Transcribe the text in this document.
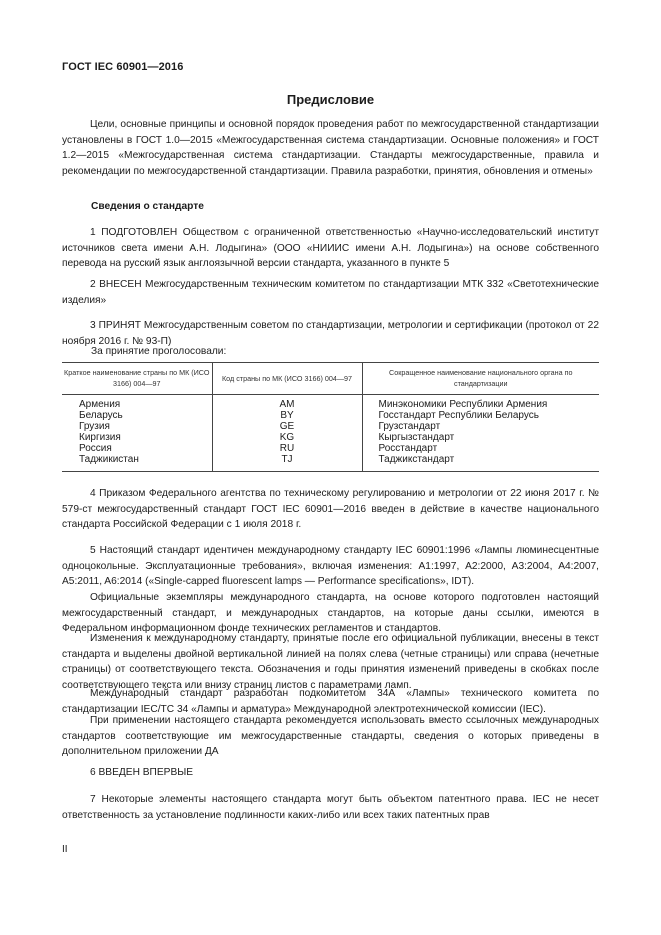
ГОСТ IEC 60901—2016
Предисловие

Цели, основные принципы и основной порядок проведения работ по межгосударственной стандартизации установлены в ГОСТ 1.0—2015 «Межгосударственная система стандартизации. Основные положения» и ГОСТ 1.2—2015 «Межгосударственная система стандартизации. Стандарты межгосударственные, правила и рекомендации по межгосударственной стандартизации. Правила разработки, принятия, обновления и отмены»

Сведения о стандарте

1 ПОДГОТОВЛЕН Обществом с ограниченной ответственностью «Научно-исследовательский институт источников света имени А.Н. Лодыгина» (ООО «НИИИС имени А.Н. Лодыгина») на основе собственного перевода на русский язык англоязычной версии стандарта, указанного в пункте 5

2 ВНЕСЕН Межгосударственным техническим комитетом по стандартизации МТК 332 «Светотехнические изделия»

3 ПРИНЯТ Межгосударственным советом по стандартизации, метрологии и сертификации (протокол от 22 ноября 2016 г. № 93-П)

За принятие проголосовали:
Краткое наименование страны по МК (ИСО 3166) 004—97	Код страны по МК (ИСО 3166) 004—97	Сокращенное наименование национального органа по стандартизации
Армения	AM	Минэкономики Республики Армения
Беларусь	BY	Госстандарт Республики Беларусь
Грузия	GE	Грузстандарт
Киргизия	KG	Кыргызстандарт
Россия	RU	Росстандарт
Таджикистан	TJ	Таджикстандарт

4 Приказом Федерального агентства по техническому регулированию и метрологии от 22 июня 2017 г. № 579-ст межгосударственный стандарт ГОСТ IEC 60901—2016 введен в действие в качестве национального стандарта Российской Федерации с 1 июля 2018 г.

5 Настоящий стандарт идентичен международному стандарту IEC 60901:1996 «Лампы люминесцентные одноцокольные. Эксплуатационные требования», включая изменения: A1:1997, A2:2000, A3:2004, A4:2007, A5:2011, A6:2014 («Single-capped fluorescent lamps — Performance specifications», IDT).

Официальные экземпляры международного стандарта, на основе которого подготовлен настоящий межгосударственный стандарт, и международных стандартов, на которые даны ссылки, имеются в Федеральном информационном фонде технических регламентов и стандартов.

Изменения к международному стандарту, принятые после его официальной публикации, внесены в текст стандарта и выделены двойной вертикальной линией на полях слева (четные страницы) или справа (нечетные страницы) от соответствующего текста. Обозначения и годы принятия изменений приведены в скобках после соответствующего текста или внизу страниц листов с параметрами ламп.

Международный стандарт разработан подкомитетом 34А «Лампы» технического комитета по стандартизации IEC/TC 34 «Лампы и арматура» Международной электротехнической комиссии (IEC).

При применении настоящего стандарта рекомендуется использовать вместо ссылочных международных стандартов соответствующие им межгосударственные стандарты, сведения о которых приведены в дополнительном приложении ДА

6 ВВЕДЕН ВПЕРВЫЕ

7 Некоторые элементы настоящего стандарта могут быть объектом патентного права. IEC не несет ответственность за установление подлинности каких-либо или всех таких патентных прав

II
